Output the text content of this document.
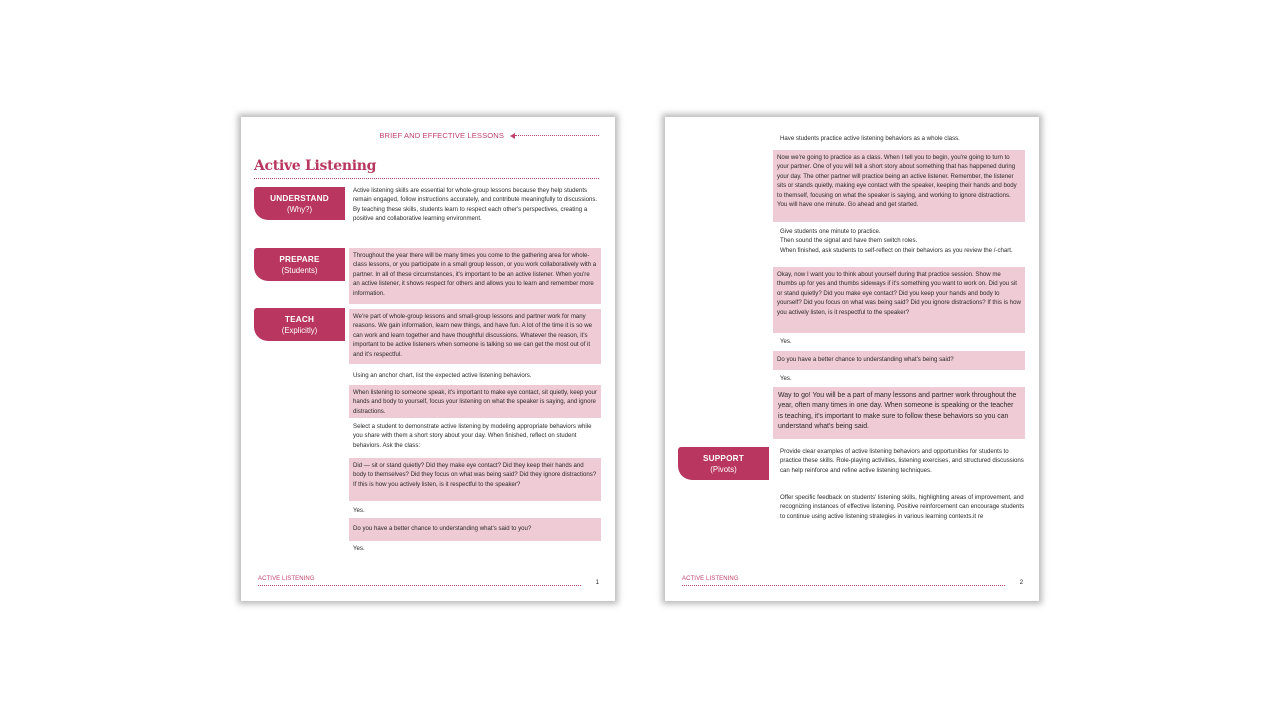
BRIEF AND EFFECTIVE LESSONS
Active Listening
UNDERSTAND
(Why?)

Active listening skills are essential for whole-group lessons because they help students remain engaged, follow instructions accurately, and contribute meaningfully to discussions. By teaching these skills, students learn to respect each other's perspectives, creating a positive and collaborative learning environment.

PREPARE
(Students)

Throughout the year there will be many times you come to the gathering area for whole-class lessons, or you participate in a small group lesson, or you work collaboratively with a partner. In all of these circumstances, it's important to be an active listener. When you're an active listener, it shows respect for others and allows you to learn and remember more information.

TEACH
(Explicitly)

We're part of whole-group lessons and small-group lessons and partner work for many reasons. We gain information, learn new things, and have fun. A lot of the time it is so we can work and learn together and have thoughtful discussions. Whatever the reason, it's important to be active listeners when someone is talking so we can get the most out of it and it's respectful.

Using an anchor chart, list the expected active listening behaviors.

When listening to someone speak, it's important to make eye contact, sit quietly, keep your hands and body to yourself, focus your listening on what the speaker is saying, and ignore distractions.

Select a student to demonstrate active listening by modeling appropriate behaviors while you share with them a short story about your day. When finished, reflect on student behaviors. Ask the class:

Did — sit or stand quietly? Did they make eye contact? Did they keep their hands and body to themselves? Did they focus on what was being said? Did they ignore distractions? If this is how you actively listen, is it respectful to the speaker?

Yes.

Do you have a better chance to understanding what's said to you?

Yes.

ACTIVE LISTENING
1

Have students practice active listening behaviors as a whole class.

Now we're going to practice as a class. When I tell you to begin, you're going to turn to your partner. One of you will tell a short story about something that has happened during your day. The other partner will practice being an active listener. Remember, the listener sits or stands quietly, making eye contact with the speaker, keeping their hands and body to themself, focusing on what the speaker is saying, and working to ignore distractions. You will have one minute. Go ahead and get started.

Give students one minute to practice.

Then sound the signal and have them switch roles.

When finished, ask students to self-reflect on their behaviors as you review the /-chart.

Okay, now I want you to think about yourself during that practice session. Show me thumbs up for yes and thumbs sideways if it's something you want to work on. Did you sit or stand quietly? Did you make eye contact? Did you keep your hands and body to yourself? Did you focus on what was being said? Did you ignore distractions? If this is how you actively listen, is it respectful to the speaker?

Yes.

Do you have a better chance to understanding what's being said?

Yes.

Way to go! You will be a part of many lessons and partner work throughout the year, often many times in one day. When someone is speaking or the teacher is teaching, it's important to make sure to follow these behaviors so you can understand what's being said.

SUPPORT
(Pivots)

Provide clear examples of active listening behaviors and opportunities for students to practice these skills. Role-playing activities, listening exercises, and structured discussions can help reinforce and refine active listening techniques.

Offer specific feedback on students' listening skills, highlighting areas of improvement, and recognizing instances of effective listening. Positive reinforcement can encourage students to continue using active listening strategies in various learning contexts.it re

ACTIVE LISTENING
2
